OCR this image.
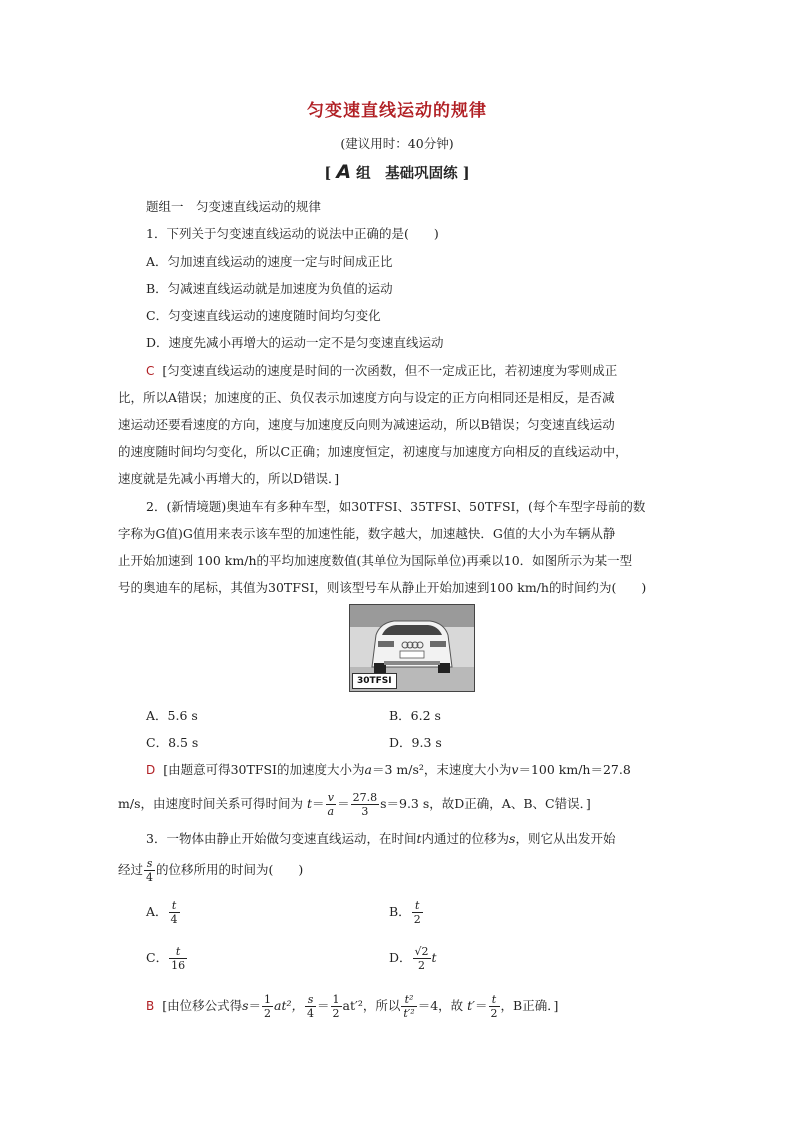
匀变速直线运动的规律
(建议用时：40分钟)
[ A 组　基础巩固练 ]
题组一　匀变速直线运动的规律
1．下列关于匀变速直线运动的说法中正确的是(　　)
A．匀加速直线运动的速度一定与时间成正比
B．匀减速直线运动就是加速度为负值的运动
C．匀变速直线运动的速度随时间均匀变化
D．速度先减小再增大的运动一定不是匀变速直线运动
C [匀变速直线运动的速度是时间的一次函数，但不一定成正比，若初速度为零则成正
比，所以A错误；加速度的正、负仅表示加速度方向与设定的正方向相同还是相反，是否减
速运动还要看速度的方向，速度与加速度反向则为减速运动，所以B错误；匀变速直线运动
的速度随时间均匀变化，所以C正确；加速度恒定，初速度与加速度方向相反的直线运动中，
速度就是先减小再增大的，所以D错误．]
2．(新情境题)奥迪车有多种车型，如30TFSI、35TFSI、50TFSI，(每个车型字母前的数
字称为G值)G值用来表示该车型的加速性能，数字越大，加速越快．G值的大小为车辆从静
止开始加速到 100 km/h的平均加速度数值(其单位为国际单位)再乘以10．如图所示为某一型
号的奥迪车的尾标，其值为30TFSI，则该型号车从静止开始加速到100 km/h的时间约为(　　)
30TFSI
A．5.6 s	B．6.2 s
C．8.5 s	D．9.3 s
D [由题意可得30TFSI的加速度大小为a＝3 m/s²，末速度大小为v＝100 km/h＝27.8
m/s，由速度时间关系可得时间为 $t= \frac{v}{a} = \frac{27.8}{3} s=9.3$ s，故D正确，A、B、C错误．]
3．一物体由静止开始做匀变速直线运动，在时间t内通过的位移为s，则它从出发开始
经过 $\frac{s}{4}$ 的位移所用的时间为(　　)
A． $\frac{t}{4}$	B． $\frac{t}{2}$
C． $\frac{t}{16}$	D． $\frac{√2}{2}$ t
B [由位移公式得$s= \frac{1}{2} at^2$， $\frac{s}{4} = \frac{1}{2} at'^2$，所以 $\frac{\text{t²}}{\text{t′²}} =4$，故 $t'= \frac{t}{2}$ ，B正确．]
